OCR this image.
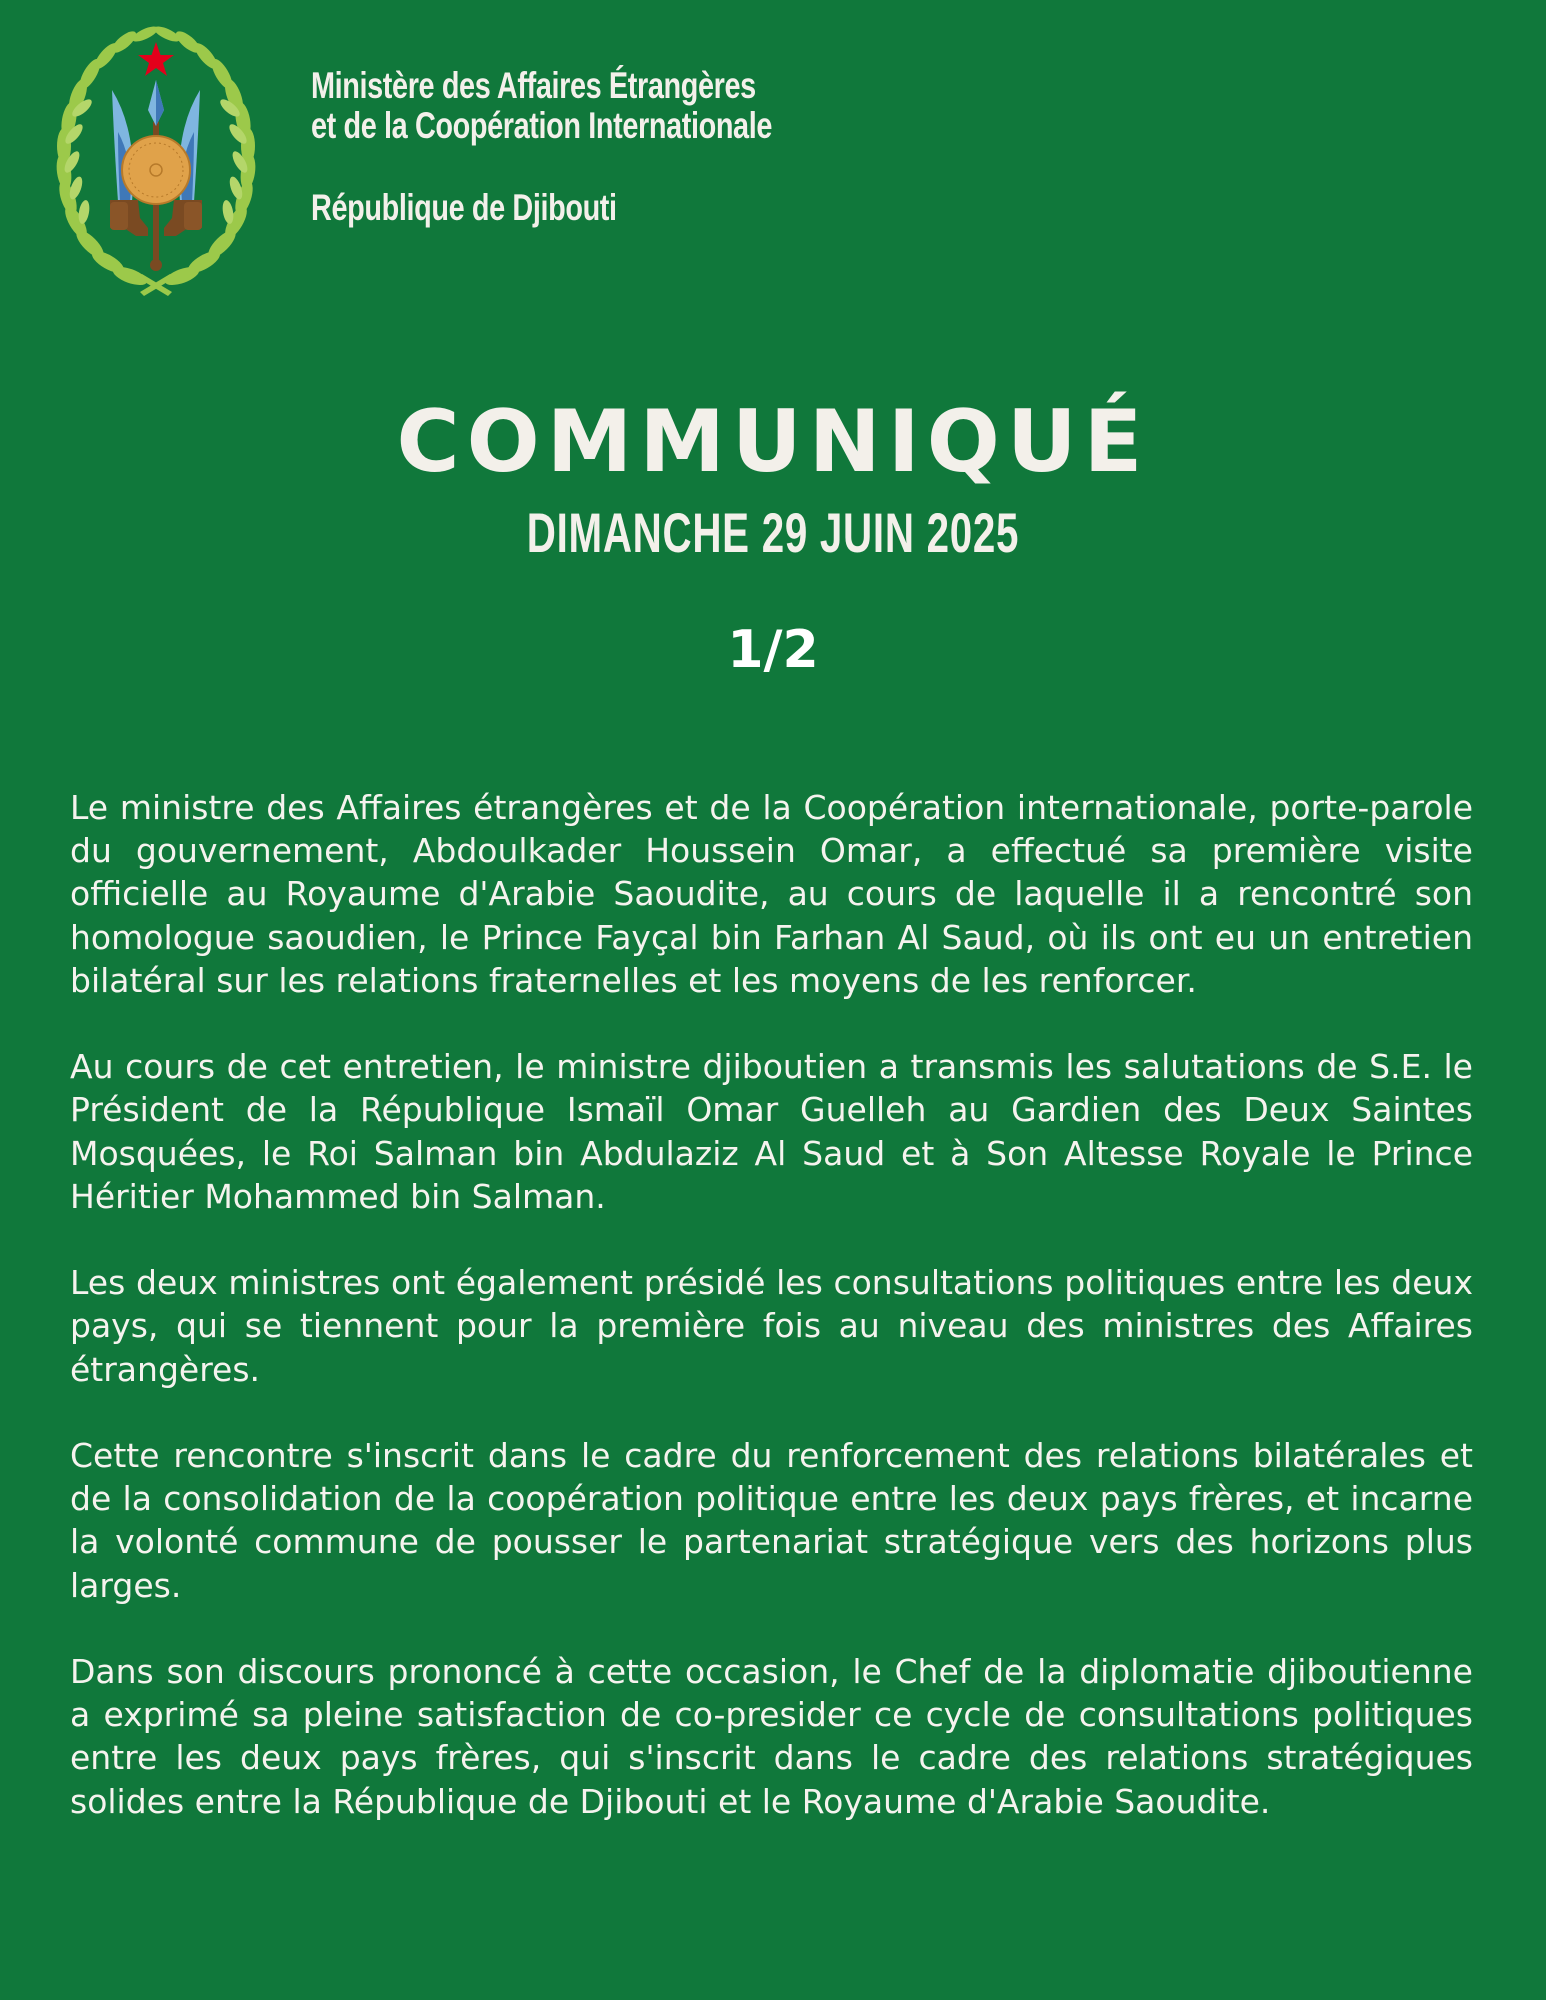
Ministère des Affaires Étrangères
et de la Coopération Internationale
République de Djibouti
COMMUNIQUÉ
DIMANCHE 29 JUIN 2025
1/2

Le ministre des Affaires étrangères et de la Coopération internationale, porte-parole du gouvernement, Abdoulkader Houssein Omar, a effectué sa première visite officielle au Royaume d'Arabie Saoudite, au cours de laquelle il a rencontré son homologue saoudien, le Prince Fayçal bin Farhan Al Saud, où ils ont eu un entretien bilatéral sur les relations fraternelles et les moyens de les renforcer.

Au cours de cet entretien, le ministre djiboutien a transmis les salutations de S.E. le Président de la République Ismaïl Omar Guelleh au Gardien des Deux Saintes Mosquées, le Roi Salman bin Abdulaziz Al Saud et à Son Altesse Royale le Prince Héritier Mohammed bin Salman.

Les deux ministres ont également présidé les consultations politiques entre les deux pays, qui se tiennent pour la première fois au niveau des ministres des Affaires étrangères.

Cette rencontre s'inscrit dans le cadre du renforcement des relations bilatérales et de la consolidation de la coopération politique entre les deux pays frères, et incarne la volonté commune de pousser le partenariat stratégique vers des horizons plus larges.

Dans son discours prononcé à cette occasion, le Chef de la diplomatie djiboutienne a exprimé sa pleine satisfaction de co-presider ce cycle de consultations politiques entre les deux pays frères, qui s'inscrit dans le cadre des relations stratégiques solides entre la République de Djibouti et le Royaume d'Arabie Saoudite.
